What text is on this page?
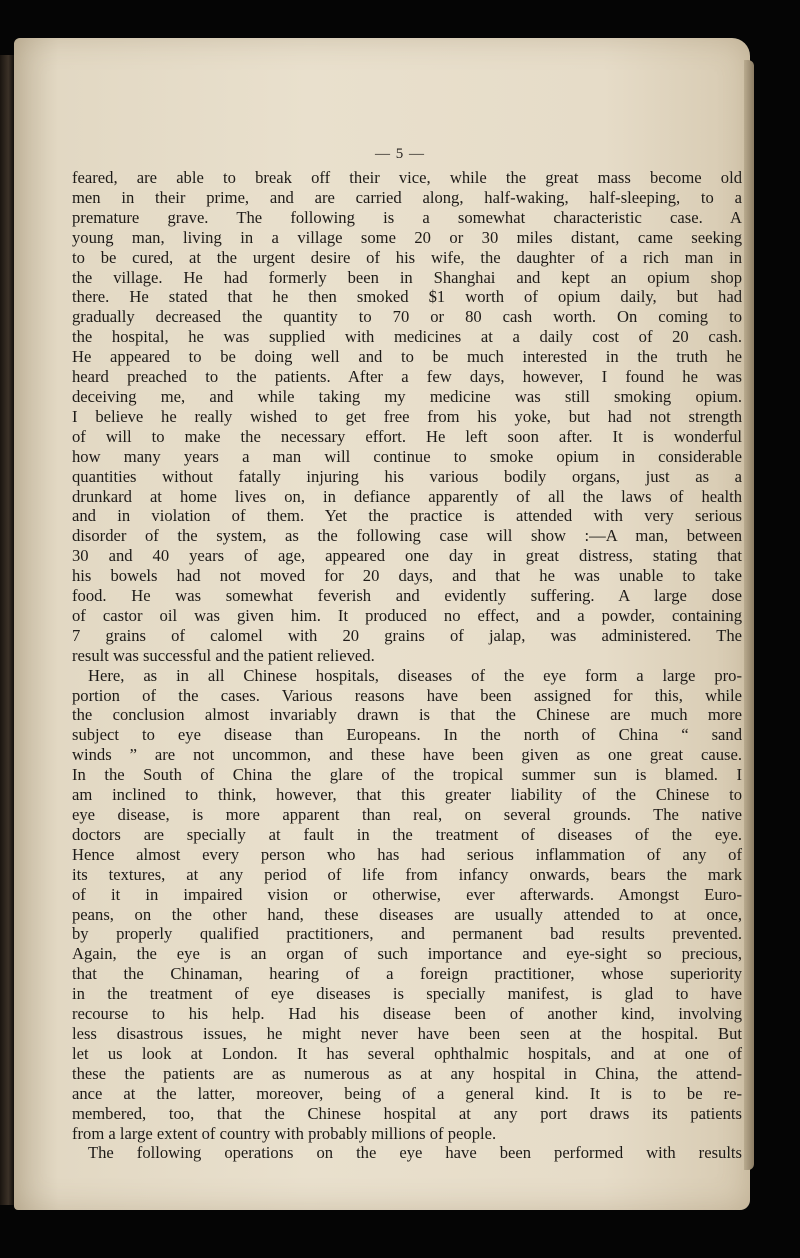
— 5 —
feared, are able to break off their vice, while the great mass become old
men in their prime, and are carried along, half-waking, half-sleeping, to a
premature grave. The following is a somewhat characteristic case. A
young man, living in a village some 20 or 30 miles distant, came seeking
to be cured, at the urgent desire of his wife, the daughter of a rich man in
the village. He had formerly been in Shanghai and kept an opium shop
there. He stated that he then smoked $1 worth of opium daily, but had
gradually decreased the quantity to 70 or 80 cash worth. On coming to
the hospital, he was supplied with medicines at a daily cost of 20 cash.
He appeared to be doing well and to be much interested in the truth he
heard preached to the patients. After a few days, however, I found he was
deceiving me, and while taking my medicine was still smoking opium.
I believe he really wished to get free from his yoke, but had not strength
of will to make the necessary effort. He left soon after. It is wonderful
how many years a man will continue to smoke opium in considerable
quantities without fatally injuring his various bodily organs, just as a
drunkard at home lives on, in defiance apparently of all the laws of health
and in violation of them. Yet the practice is attended with very serious
disorder of the system, as the following case will show :—A man, between
30 and 40 years of age, appeared one day in great distress, stating that
his bowels had not moved for 20 days, and that he was unable to take
food. He was somewhat feverish and evidently suffering. A large dose
of castor oil was given him. It produced no effect, and a powder, containing
7 grains of calomel with 20 grains of jalap, was administered. The
result was successful and the patient relieved.
Here, as in all Chinese hospitals, diseases of the eye form a large pro-
portion of the cases. Various reasons have been assigned for this, while
the conclusion almost invariably drawn is that the Chinese are much more
subject to eye disease than Europeans. In the north of China “ sand
winds ” are not uncommon, and these have been given as one great cause.
In the South of China the glare of the tropical summer sun is blamed. I
am inclined to think, however, that this greater liability of the Chinese to
eye disease, is more apparent than real, on several grounds. The native
doctors are specially at fault in the treatment of diseases of the eye.
Hence almost every person who has had serious inflammation of any of
its textures, at any period of life from infancy onwards, bears the mark
of it in impaired vision or otherwise, ever afterwards. Amongst Euro-
peans, on the other hand, these diseases are usually attended to at once,
by properly qualified practitioners, and permanent bad results prevented.
Again, the eye is an organ of such importance and eye-sight so precious,
that the Chinaman, hearing of a foreign practitioner, whose superiority
in the treatment of eye diseases is specially manifest, is glad to have
recourse to his help. Had his disease been of another kind, involving
less disastrous issues, he might never have been seen at the hospital. But
let us look at London. It has several ophthalmic hospitals, and at one of
these the patients are as numerous as at any hospital in China, the attend-
ance at the latter, moreover, being of a general kind. It is to be re-
membered, too, that the Chinese hospital at any port draws its patients
from a large extent of country with probably millions of people.
The following operations on the eye have been performed with results
